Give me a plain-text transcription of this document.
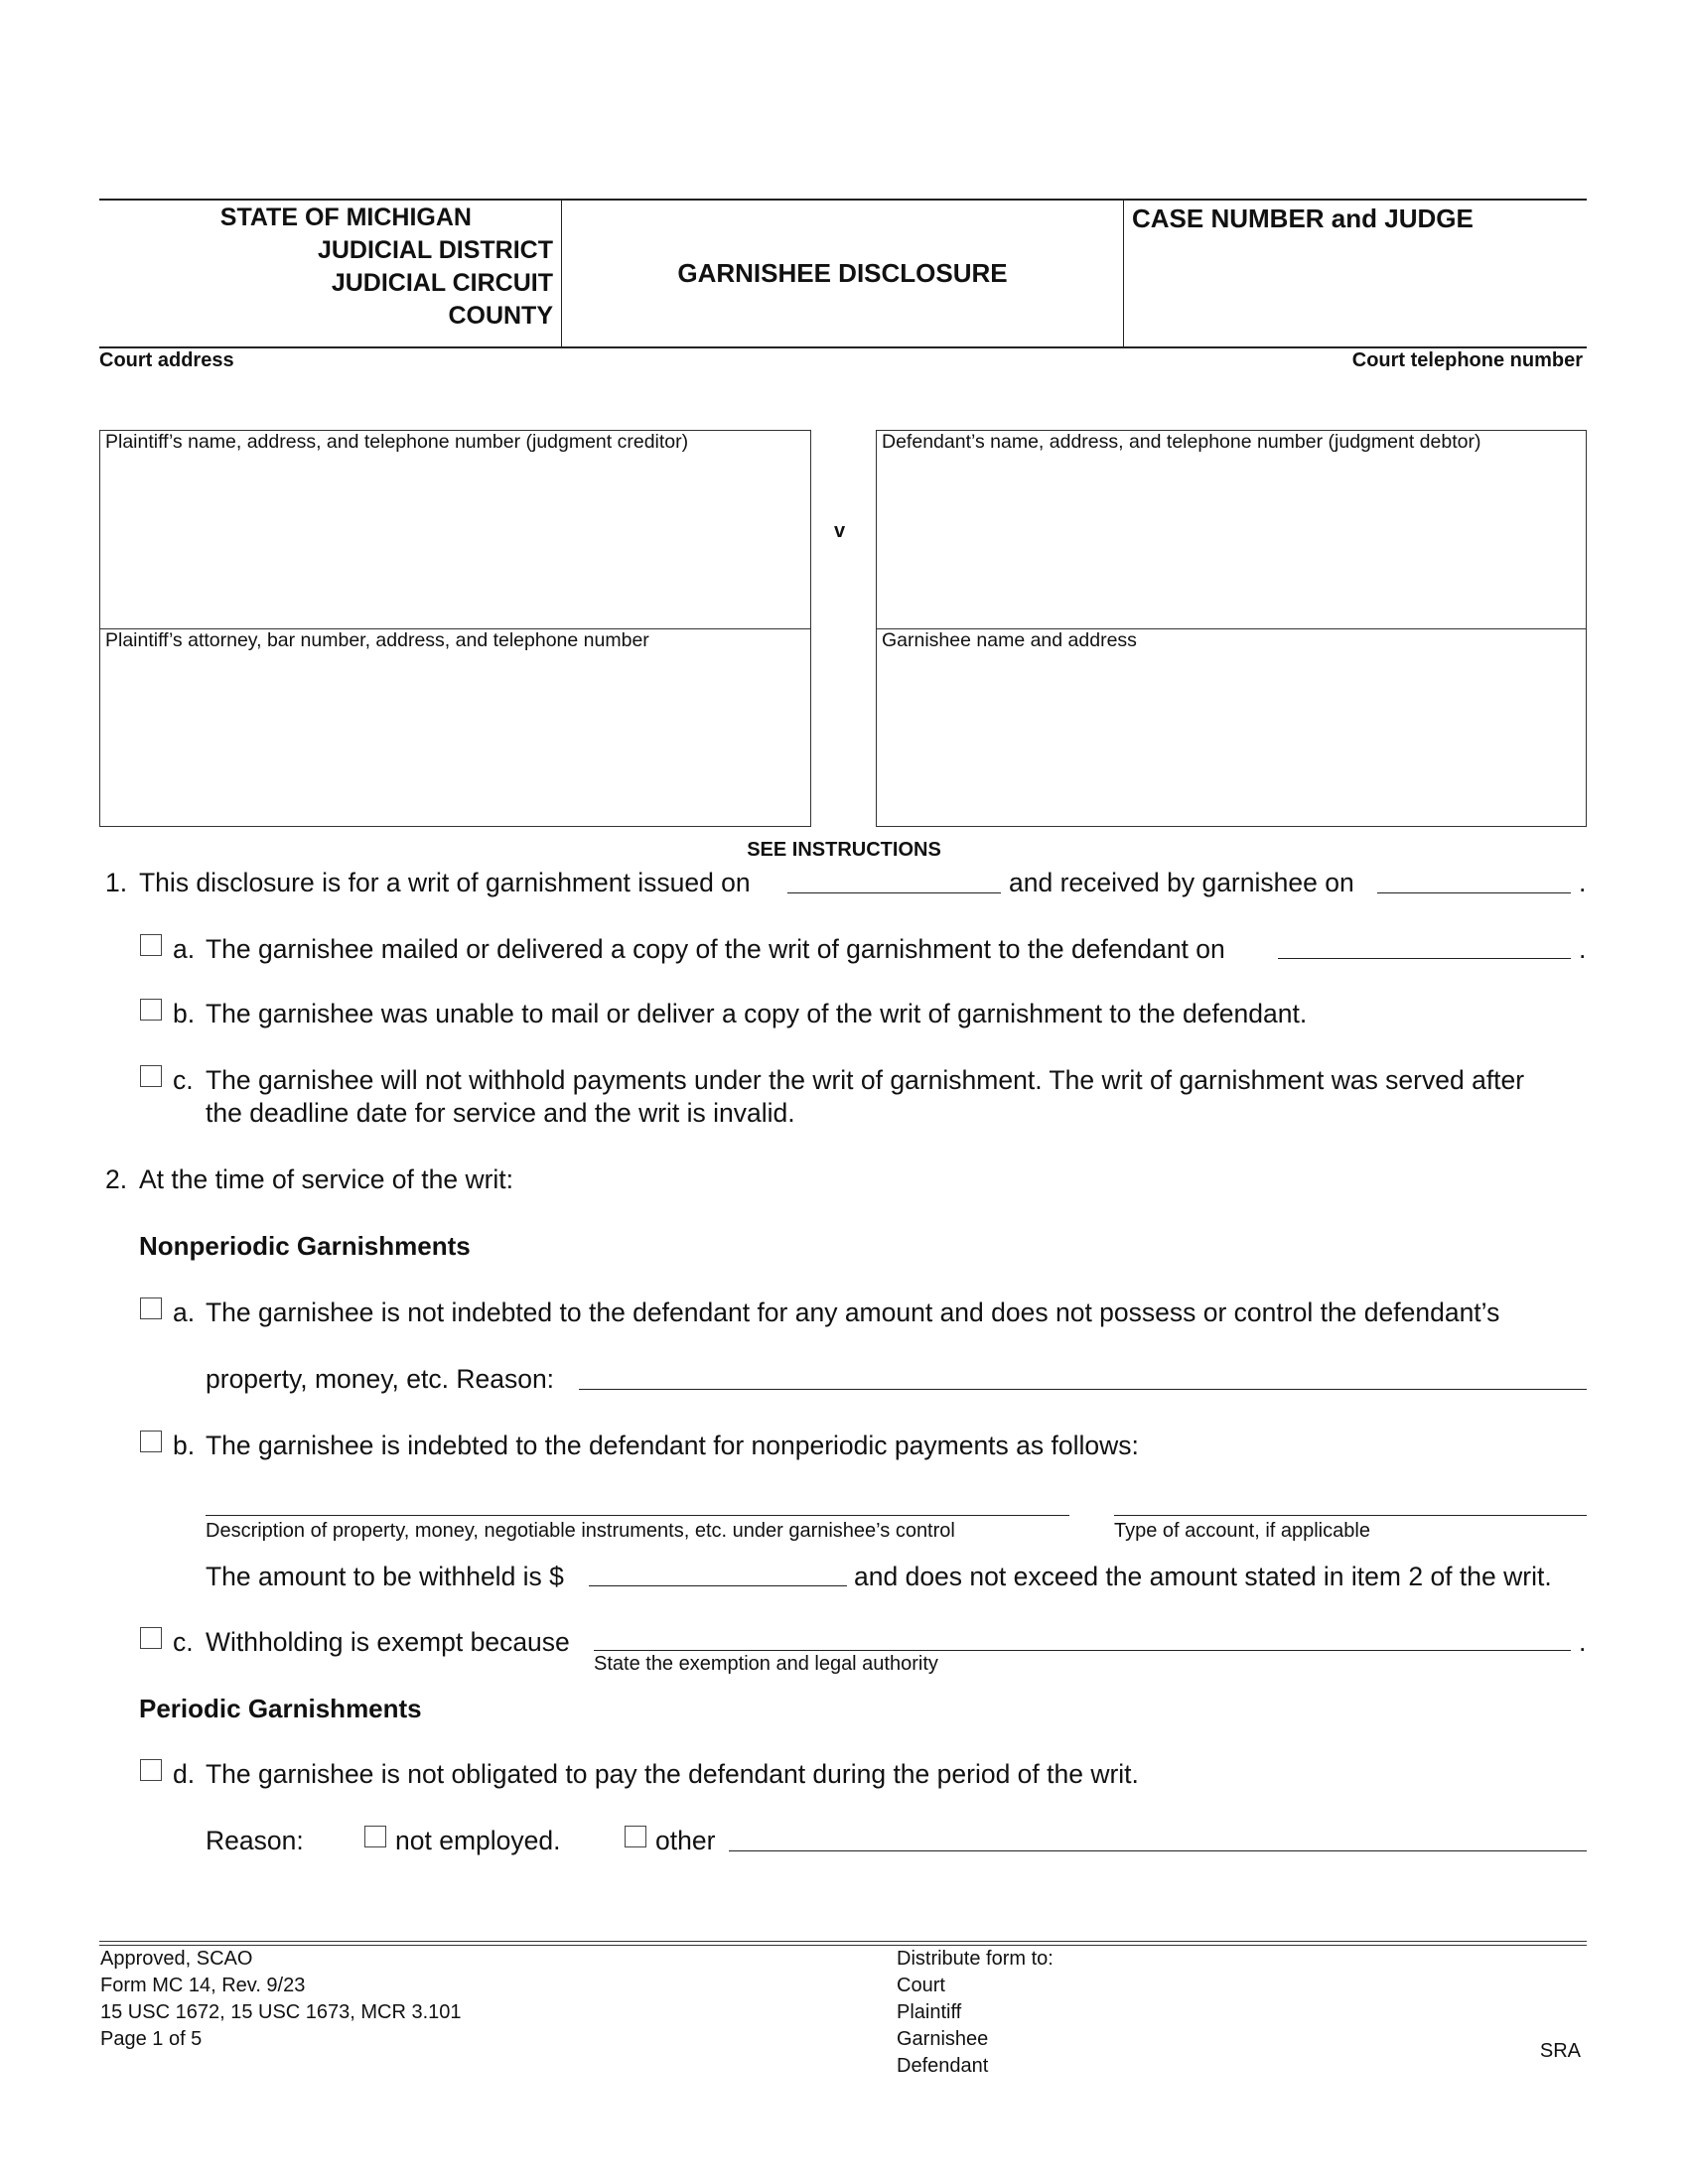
STATE OF MICHIGAN
JUDICIAL DISTRICT
JUDICIAL CIRCUIT
COUNTY
GARNISHEE DISCLOSURE
CASE NUMBER and JUDGE
Court address	Court telephone number
Plaintiff’s name, address, and telephone number (judgment creditor)
Plaintiff’s attorney, bar number, address, and telephone number
v
Defendant’s name, address, and telephone number (judgment debtor)
Garnishee name and address
SEE INSTRUCTIONS
1. This disclosure is for a writ of garnishment issued on	and received by garnishee on	.
a. The garnishee mailed or delivered a copy of the writ of garnishment to the defendant on	.
b. The garnishee was unable to mail or deliver a copy of the writ of garnishment to the defendant.
c. The garnishee will not withhold payments under the writ of garnishment. The writ of garnishment was served after
the deadline date for service and the writ is invalid.
2. At the time of service of the writ:
Nonperiodic Garnishments
a. The garnishee is not indebted to the defendant for any amount and does not possess or control the defendant’s
property, money, etc. Reason:
b. The garnishee is indebted to the defendant for nonperiodic payments as follows:
Description of property, money, negotiable instruments, etc. under garnishee’s control	Type of account, if applicable
The amount to be withheld is $	and does not exceed the amount stated in item 2 of the writ.
c. Withholding is exempt because	.
State the exemption and legal authority
Periodic Garnishments
d. The garnishee is not obligated to pay the defendant during the period of the writ.
Reason:	not employed.	other
Approved, SCAO
Form MC 14, Rev. 9/23
15 USC 1672, 15 USC 1673, MCR 3.101
Page 1 of 5
Distribute form to:
Court
Plaintiff
Garnishee
Defendant
SRA
